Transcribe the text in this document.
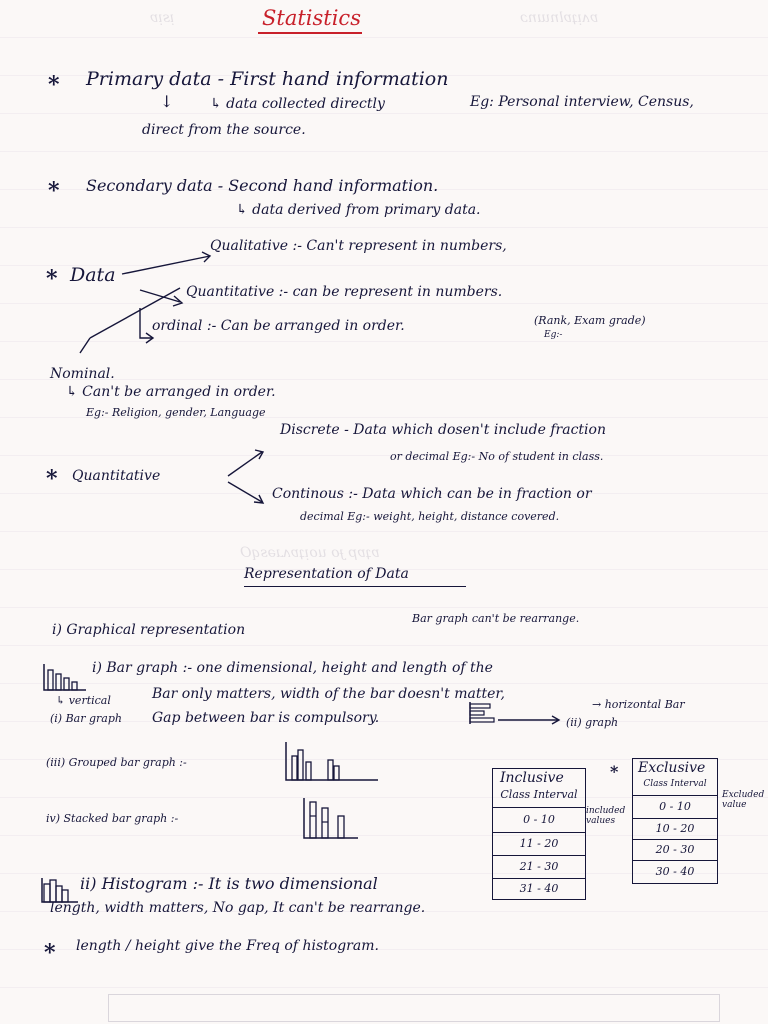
ᴉsᴉɐ	ɐʌᴉʇɐlnɯnɔ
ɐʇɐp ɟo uoᴉʇɐʌɹǝsqO
Statistics
* Primary data - First hand information
↓	↳ data collected directly	Eg: Personal interview, Census,
direct from the source.
* Secondary data - Second hand information.
↳ data derived from primary data.
* Data
Qualitative :- Can't represent in numbers,
Quantitative :- can be represent in numbers.
ordinal :- Can be arranged in order.	(Rank, Exam grade)
Eg:-
Nominal.
↳ Can't be arranged in order.
Eg:- Religion, gender, Language
* Quantitative
Discrete - Data which dosen't include fraction
or decimal Eg:- No of student in class.
Continous :- Data which can be in fraction or
decimal Eg:- weight, height, distance covered.
Representation of Data
i) Graphical representation
Bar graph can't be rearrange.
i) Bar graph :- one dimensional, height and length of the
↳ vertical	Bar only matters, width of the bar doesn't matter,
(i) Bar graph Gap between bar is compulsory.
→ horizontal Bar
(ii) graph
(iii) Grouped bar graph :-
iv) Stacked bar graph :-
Inclusive
Class Interval
0 - 10
11 - 20
21 - 30
31 - 40
included values
* Exclusive
Class Interval
0 - 10
10 - 20
20 - 30
30 - 40
Excluded value
ii) Histogram :- It is two dimensional
length, width matters, No gap, It can't be rearrange.
* length / height give the Freq of histogram.
